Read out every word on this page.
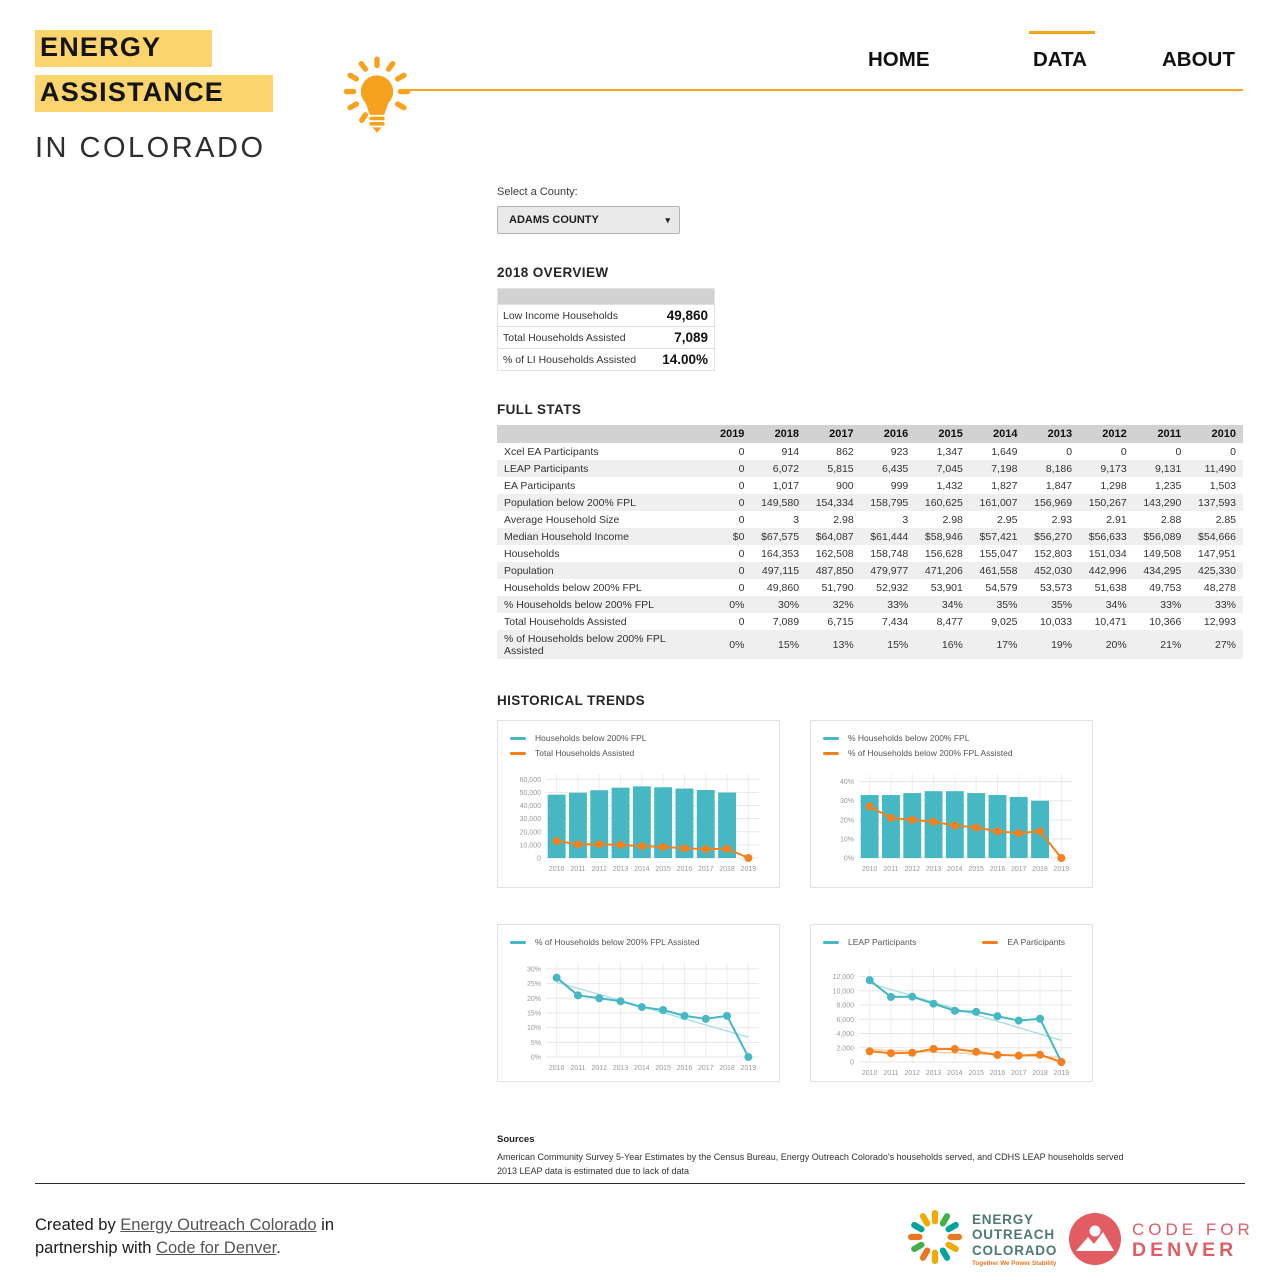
ENERGY
ASSISTANCE
IN COLORADO
HOME	DATA	ABOUT
Select a County:
ADAMS COUNTY	▾
2018 OVERVIEW

Low Income Households	49,860
Total Households Assisted	7,089
% of LI Households Assisted	14.00%
FULL STATS
	2019	2018	2017	2016	2015	2014	2013	2012	2011	2010
Xcel EA Participants	0	914	862	923	1,347	1,649	0	0	0	0
LEAP Participants	0	6,072	5,815	6,435	7,045	7,198	8,186	9,173	9,131	11,490
EA Participants	0	1,017	900	999	1,432	1,827	1,847	1,298	1,235	1,503
Population below 200% FPL	0	149,580	154,334	158,795	160,625	161,007	156,969	150,267	143,290	137,593
Average Household Size	0	3	2.98	3	2.98	2.95	2.93	2.91	2.88	2.85
Median Household Income	$0	$67,575	$64,087	$61,444	$58,946	$57,421	$56,270	$56,633	$56,089	$54,666
Households	0	164,353	162,508	158,748	156,628	155,047	152,803	151,034	149,508	147,951
Population	0	497,115	487,850	479,977	471,206	461,558	452,030	442,996	434,295	425,330
Households below 200% FPL	0	49,860	51,790	52,932	53,901	54,579	53,573	51,638	49,753	48,278
% Households below 200% FPL	0%	30%	32%	33%	34%	35%	35%	34%	33%	33%
Total Households Assisted	0	7,089	6,715	7,434	8,477	9,025	10,033	10,471	10,366	12,993
% of Households below 200% FPL Assisted	0%	15%	13%	15%	16%	17%	19%	20%	21%	27%
HISTORICAL TRENDS
Households below 200% FPL
Total Households Assisted
0
10,000
20,000
30,000
40,000
50,000
60,000
2010 2011 2012 2013 2014 2015 2016 2017 2018 2019
% Households below 200% FPL
% of Households below 200% FPL Assisted
0%
10%
20%
30%
40%
2010 2011 2012 2013 2014 2015 2016 2017 2018 2019
% of Households below 200% FPL Assisted
0%
5%
10%
15%
20%
25%
30%
2010 2011 2012 2013 2014 2015 2016 2017 2018 2019
LEAP Participants	EA Participants
0
2,000
4,000
6,000
8,000
10,000
12,000
2010 2011 2012 2013 2014 2015 2016 2017 2018 2019
Sources
American Community Survey 5-Year Estimates by the Census Bureau, Energy Outreach Colorado's households served, and CDHS LEAP households served
2013 LEAP data is estimated due to lack of data
Created by Energy Outreach Colorado in partnership with Code for Denver.
ENERGY
OUTREACH
COLORADO
Together We Power Stability
CODE FOR
DENVER
